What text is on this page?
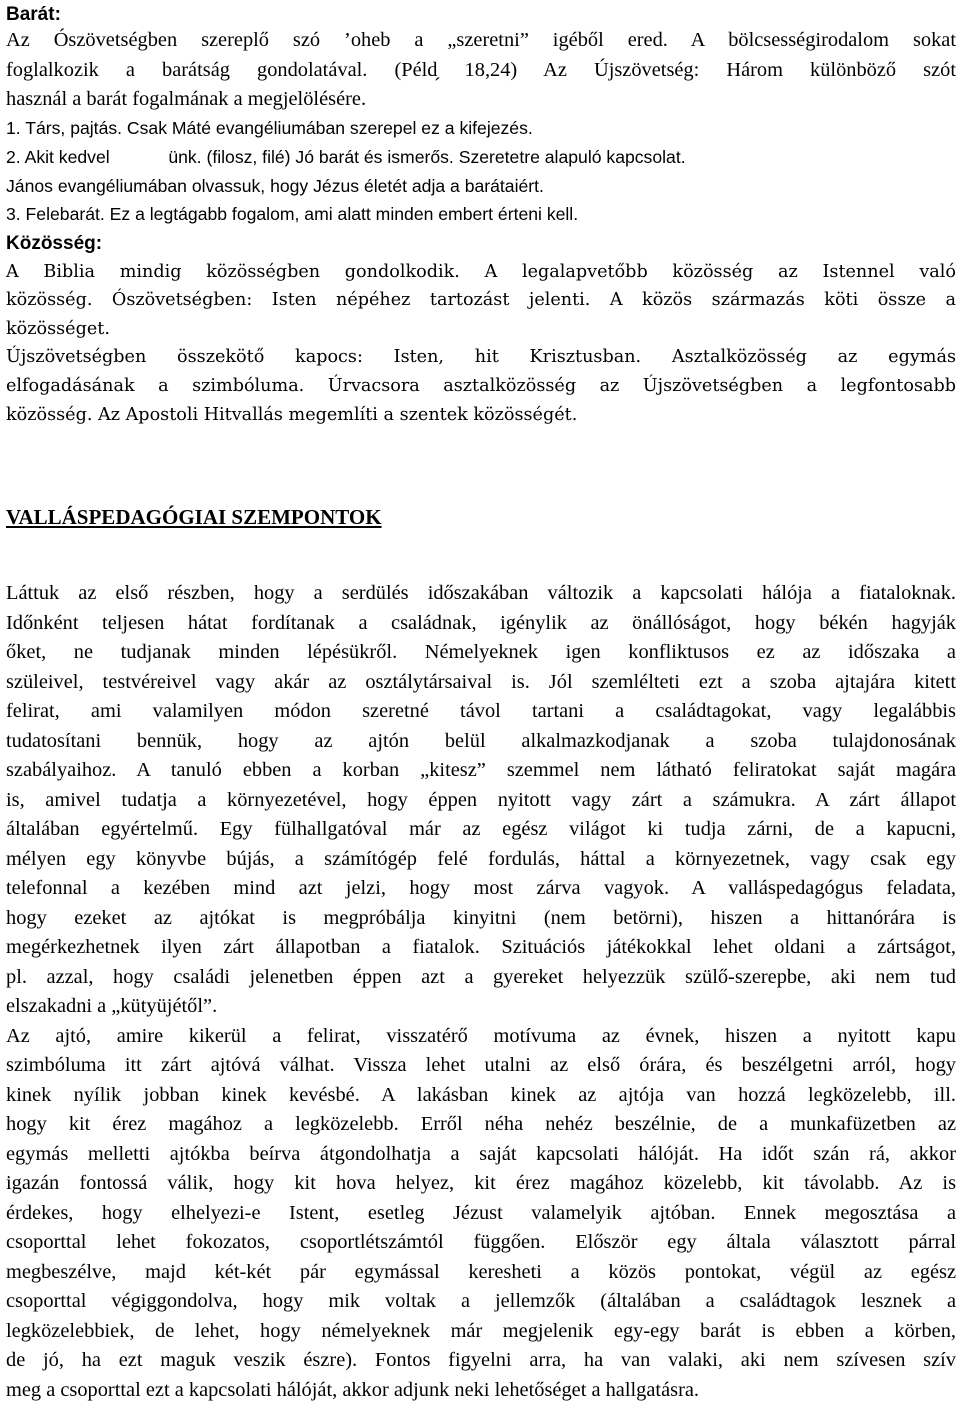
Barát:
Az Ószövetségben szereplő szó ’oheb a „szeretni” igéből ered. A bölcsességirodalom sokat
foglalkozik a barátság gondolatával. (Péld̗ 18,24) Az Újszövetség: Három különböző szót
használ a barát fogalmának a megjelölésére.
1. Társ, pajtás. Csak Máté evangéliumában szerepel ez a kifejezés.
2. Akit kedvel            ünk. (filosz, filé) Jó barát és ismerős. Szeretetre alapuló kapcsolat.
János evangéliumában olvassuk, hogy Jézus életét adja a barátaiért.
3. Felebarát. Ez a legtágabb fogalom, ami alatt minden embert érteni kell.
Közösség:
A Biblia mindig közösségben gondolkodik. A legalapvetőbb közösség az Istennel való
közösség. Ószövetségben: Isten népéhez tartozást jelenti. A közös származás köti össze a
közösséget.
Újszövetségben összekötő kapocs: Isten, hit Krisztusban. Asztalközösség az egymás
elfogadásának a szimbóluma. Úrvacsora asztalközösség az Újszövetségben a legfontosabb
közösség. Az Apostoli Hitvallás megemlíti a szentek közösségét.
VALLÁSPEDAGÓGIAI SZEMPONTOK
Láttuk az első részben, hogy a serdülés időszakában változik a kapcsolati hálója a fiataloknak.
Időnként teljesen hátat fordítanak a családnak, igénylik az önállóságot, hogy békén hagyják
őket, ne tudjanak minden lépésükről. Némelyeknek igen konfliktusos ez az időszaka a
szüleivel, testvéreivel vagy akár az osztálytársaival is. Jól szemlélteti ezt a szoba ajtajára kitett
felirat, ami valamilyen módon szeretné távol tartani a családtagokat, vagy legalábbis
tudatosítani bennük, hogy az ajtón belül alkalmazkodjanak a szoba tulajdonosának
szabályaihoz. A tanuló ebben a korban „kitesz” szemmel nem látható feliratokat saját magára
is, amivel tudatja a környezetével, hogy éppen nyitott vagy zárt a számukra. A zárt állapot
általában egyértelmű. Egy fülhallgatóval már az egész világot ki tudja zárni, de a kapucni,
mélyen egy könyvbe bújás, a számítógép felé fordulás, háttal a környezetnek, vagy csak egy
telefonnal a kezében mind azt jelzi, hogy most zárva vagyok. A valláspedagógus feladata,
hogy ezeket az ajtókat is megpróbálja kinyitni (nem betörni), hiszen a hittanórára is
megérkezhetnek ilyen zárt állapotban a fiatalok. Szituációs játékokkal lehet oldani a zártságot,
pl. azzal, hogy családi jelenetben éppen azt a gyereket helyezzük szülő-szerepbe, aki nem tud
elszakadni a „kütyüjétől”.
Az ajtó, amire kikerül a felirat, visszatérő motívuma az évnek, hiszen a nyitott kapu
szimbóluma itt zárt ajtóvá válhat. Vissza lehet utalni az első órára, és beszélgetni arról, hogy
kinek nyílik jobban kinek kevésbé. A lakásban kinek az ajtója van hozzá legközelebb, ill.
hogy kit érez magához a legközelebb. Erről néha nehéz beszélnie, de a munkafüzetben az
egymás melletti ajtókba beírva átgondolhatja a saját kapcsolati hálóját. Ha időt szán rá, akkor
igazán fontossá válik, hogy kit hova helyez, kit érez magához közelebb, kit távolabb. Az is
érdekes, hogy elhelyezi-e Istent, esetleg Jézust valamelyik ajtóban. Ennek megosztása a
csoporttal lehet fokozatos, csoportlétszámtól függően. Először egy általa választott párral
megbeszélve, majd két-két pár egymással keresheti a közös pontokat, végül az egész
csoporttal végiggondolva, hogy mik voltak a jellemzők (általában a családtagok lesznek a
legközelebbiek, de lehet, hogy némelyeknek már megjelenik egy-egy barát is ebben a körben,
de jó, ha ezt maguk veszik észre). Fontos figyelni arra, ha van valaki, aki nem szívesen szív
meg a csoporttal ezt a kapcsolati hálóját, akkor adjunk neki lehetőséget a hallgatásra.
